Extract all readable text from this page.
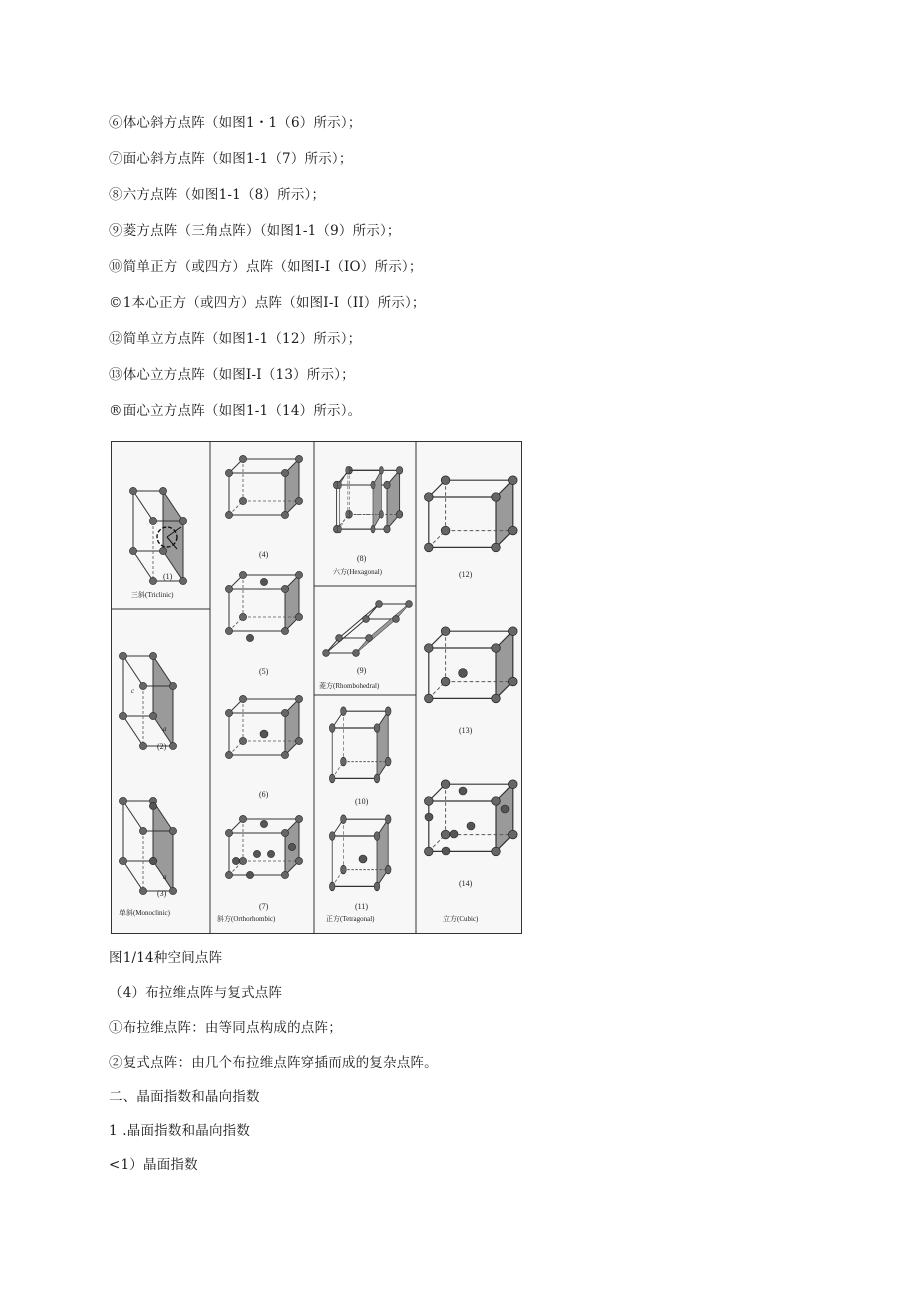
⑥体心斜方点阵（如图1・1（6）所示）；
⑦面心斜方点阵（如图1-1（7）所示）；
⑧六方点阵（如图1-1（8）所示）；
⑨菱方点阵（三角点阵）（如图1-1（9）所示）；
⑩简单正方（或四方）点阵（如图I-I（IO）所示）；
©1本心正方（或四方）点阵（如图I-I（II）所示）；
⑫简单立方点阵（如图1-1（12）所示）；
⑬体心立方点阵（如图I-I（13）所示）；
®面心立方点阵（如图1-1（14）所示）。
(1)
三斜(Triclinic)
c
a
(2)
a
(3)
单斜(Monoclinic)
(4)
(5)
(6)
(7)
斜方(Orthorhombic)
(8)
六方(Hexagonal)
(9)
菱方(Rhombohedral)
(10)
(11)
正方(Tetragonal)
(12)
(13)
(14)
立方(Cubic)
图1/14种空间点阵
（4）布拉维点阵与复式点阵
①布拉维点阵：由等同点构成的点阵；
②复式点阵：由几个布拉维点阵穿插而成的复杂点阵。
二、晶面指数和晶向指数
1 .晶面指数和晶向指数
<1）晶面指数
